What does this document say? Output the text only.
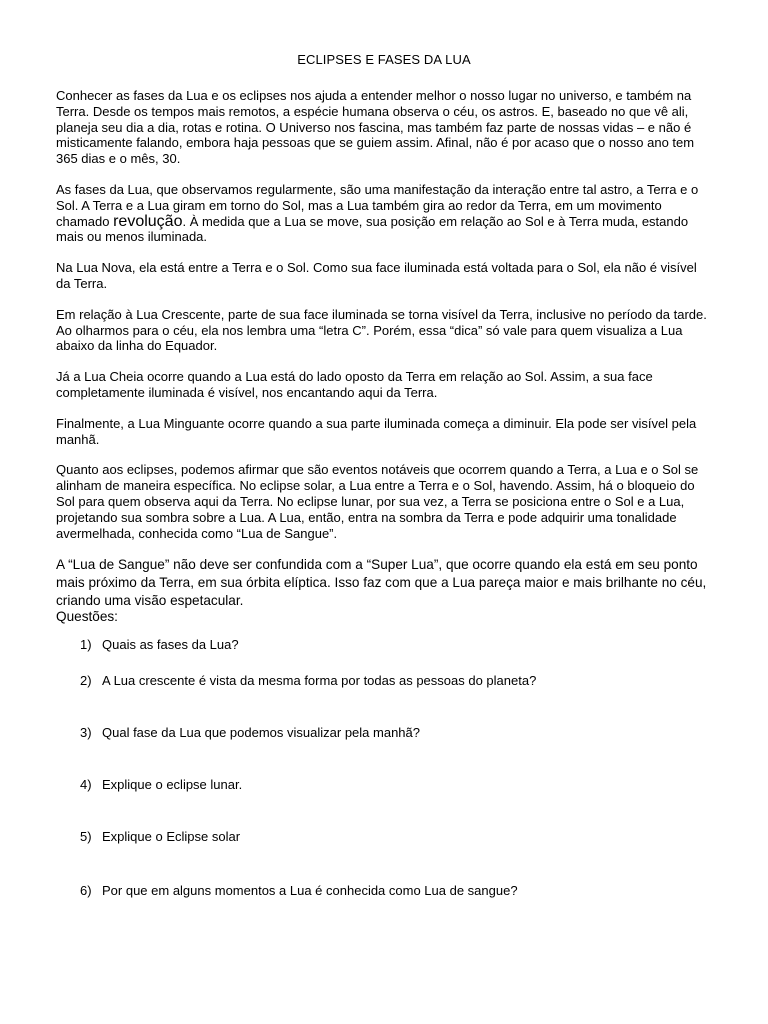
ECLIPSES E FASES DA LUA

Conhecer as fases da Lua e os eclipses nos ajuda a entender melhor o nosso lugar no universo, e também na Terra. Desde os tempos mais remotos, a espécie humana observa o céu, os astros. E, baseado no que vê ali, planeja seu dia a dia, rotas e rotina. O Universo nos fascina, mas também faz parte de nossas vidas – e não é misticamente falando, embora haja pessoas que se guiem assim. Afinal, não é por acaso que o nosso ano tem 365 dias e o mês, 30.

As fases da Lua, que observamos regularmente, são uma manifestação da interação entre tal astro, a Terra e o Sol. A Terra e a Lua giram em torno do Sol, mas a Lua também gira ao redor da Terra, em um movimento chamado revolução. À medida que a Lua se move, sua posição em relação ao Sol e à Terra muda, estando mais ou menos iluminada.

Na Lua Nova, ela está entre a Terra e o Sol. Como sua face iluminada está voltada para o Sol, ela não é visível da Terra.

Em relação à Lua Crescente, parte de sua face iluminada se torna visível da Terra, inclusive no período da tarde. Ao olharmos para o céu, ela nos lembra uma “letra C”. Porém, essa “dica” só vale para quem visualiza a Lua abaixo da linha do Equador.

Já a Lua Cheia ocorre quando a Lua está do lado oposto da Terra em relação ao Sol. Assim, a sua face completamente iluminada é visível, nos encantando aqui da Terra.

Finalmente, a Lua Minguante ocorre quando a sua parte iluminada começa a diminuir. Ela pode ser visível pela manhã.

Quanto aos eclipses, podemos afirmar que são eventos notáveis que ocorrem quando a Terra, a Lua e o Sol se alinham de maneira específica. No eclipse solar, a Lua entre a Terra e o Sol, havendo. Assim, há o bloqueio do Sol para quem observa aqui da Terra. No eclipse lunar, por sua vez, a Terra se posiciona entre o Sol e a Lua, projetando sua sombra sobre a Lua. A Lua, então, entra na sombra da Terra e pode adquirir uma tonalidade avermelhada, conhecida como “Lua de Sangue”.

A “Lua de Sangue” não deve ser confundida com a “Super Lua”, que ocorre quando ela está em seu ponto mais próximo da Terra, em sua órbita elíptica. Isso faz com que a Lua pareça maior e mais brilhante no céu, criando uma visão espetacular.

Questões:
1) Quais as fases da Lua?
2) A Lua crescente é vista da mesma forma por todas as pessoas do planeta?
3) Qual fase da Lua que podemos visualizar pela manhã?
4) Explique o eclipse lunar.
5) Explique o Eclipse solar
6) Por que em alguns momentos a Lua é conhecida como Lua de sangue?
